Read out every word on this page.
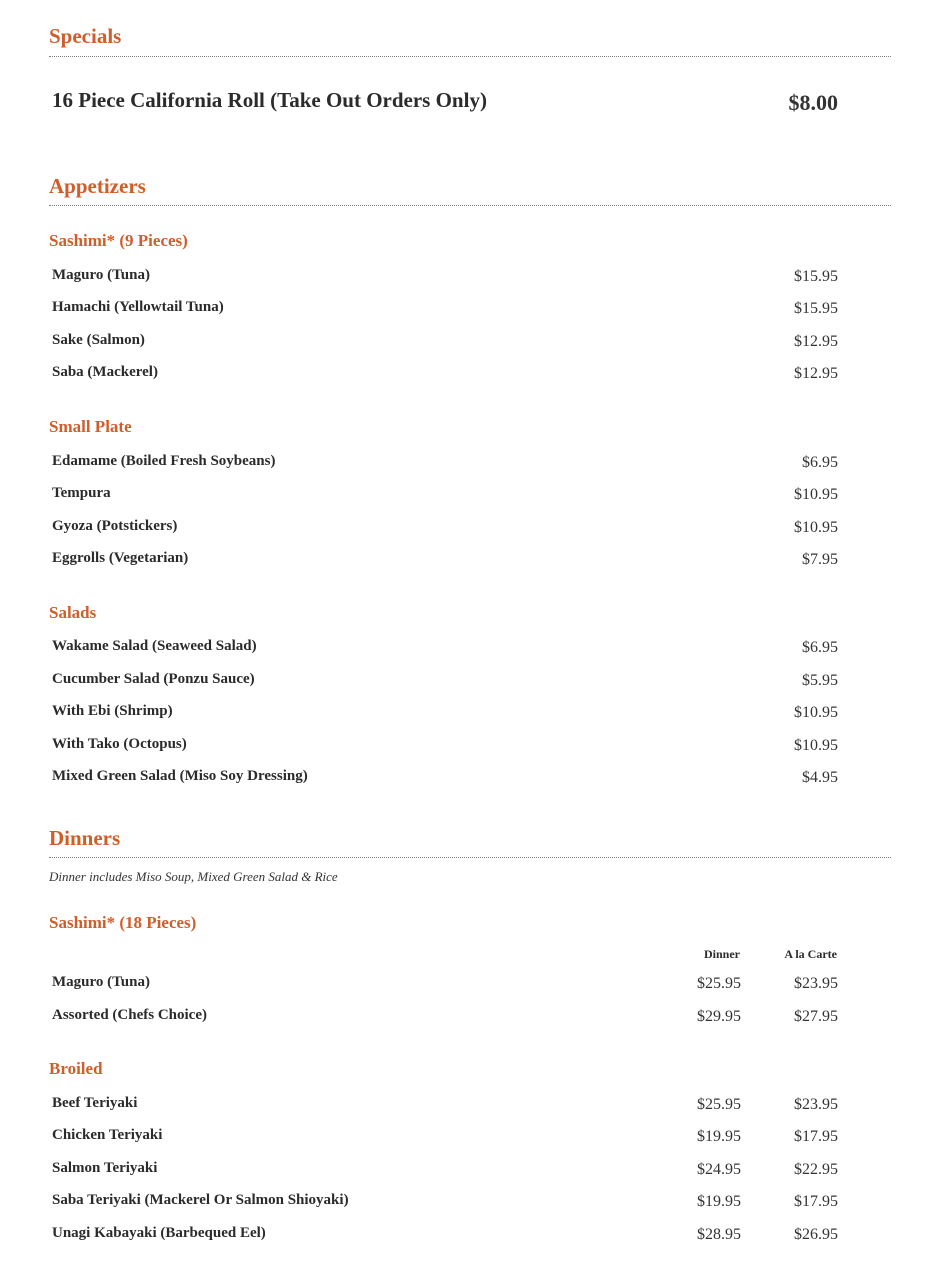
Specials
16 Piece California Roll (Take Out Orders Only)	$8.00
Appetizers
Sashimi* (9 Pieces)
Maguro (Tuna)	$15.95
Hamachi (Yellowtail Tuna)	$15.95
Sake (Salmon)	$12.95
Saba (Mackerel)	$12.95
Small Plate
Edamame (Boiled Fresh Soybeans)	$6.95
Tempura	$10.95
Gyoza (Potstickers)	$10.95
Eggrolls (Vegetarian)	$7.95
Salads
Wakame Salad (Seaweed Salad)	$6.95
Cucumber Salad (Ponzu Sauce)	$5.95
With Ebi (Shrimp)	$10.95
With Tako (Octopus)	$10.95
Mixed Green Salad (Miso Soy Dressing)	$4.95
Dinners
Dinner includes Miso Soup, Mixed Green Salad & Rice
Sashimi* (18 Pieces)
Dinner	A la Carte
Maguro (Tuna)	$25.95	$23.95
Assorted (Chefs Choice)	$29.95	$27.95
Broiled
Beef Teriyaki	$25.95	$23.95
Chicken Teriyaki	$19.95	$17.95
Salmon Teriyaki	$24.95	$22.95
Saba Teriyaki (Mackerel Or Salmon Shioyaki)	$19.95	$17.95
Unagi Kabayaki (Barbequed Eel)	$28.95	$26.95
